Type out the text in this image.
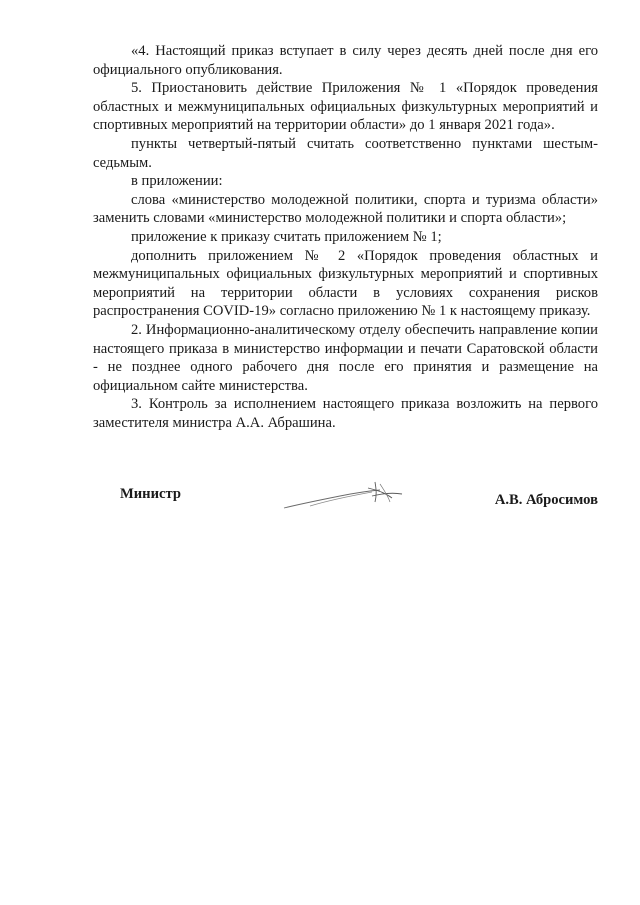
«4. Настоящий приказ вступает в силу через десять дней после дня его официального опубликования.

5. Приостановить действие Приложения № 1 «Порядок проведения областных и межмуниципальных официальных физкультурных мероприятий и спортивных мероприятий на территории области» до 1 января 2021 года».

пункты четвертый-пятый считать соответственно пунктами шестым-седьмым.

в приложении:

слова «министерство молодежной политики, спорта и туризма области» заменить словами «министерство молодежной политики и спорта области»;

приложение к приказу считать приложением № 1;

дополнить приложением № 2 «Порядок проведения областных и межмуниципальных официальных физкультурных мероприятий и спортивных мероприятий на территории области в условиях сохранения рисков распространения COVID-19» согласно приложению № 1 к настоящему приказу.

2. Информационно-аналитическому отделу обеспечить направление копии настоящего приказа в министерство информации и печати Саратовской области - не позднее одного рабочего дня после его принятия и размещение на официальном сайте министерства.

3. Контроль за исполнением настоящего приказа возложить на первого заместителя министра А.А. Абрашина.

Министр	А.В. Абросимов
